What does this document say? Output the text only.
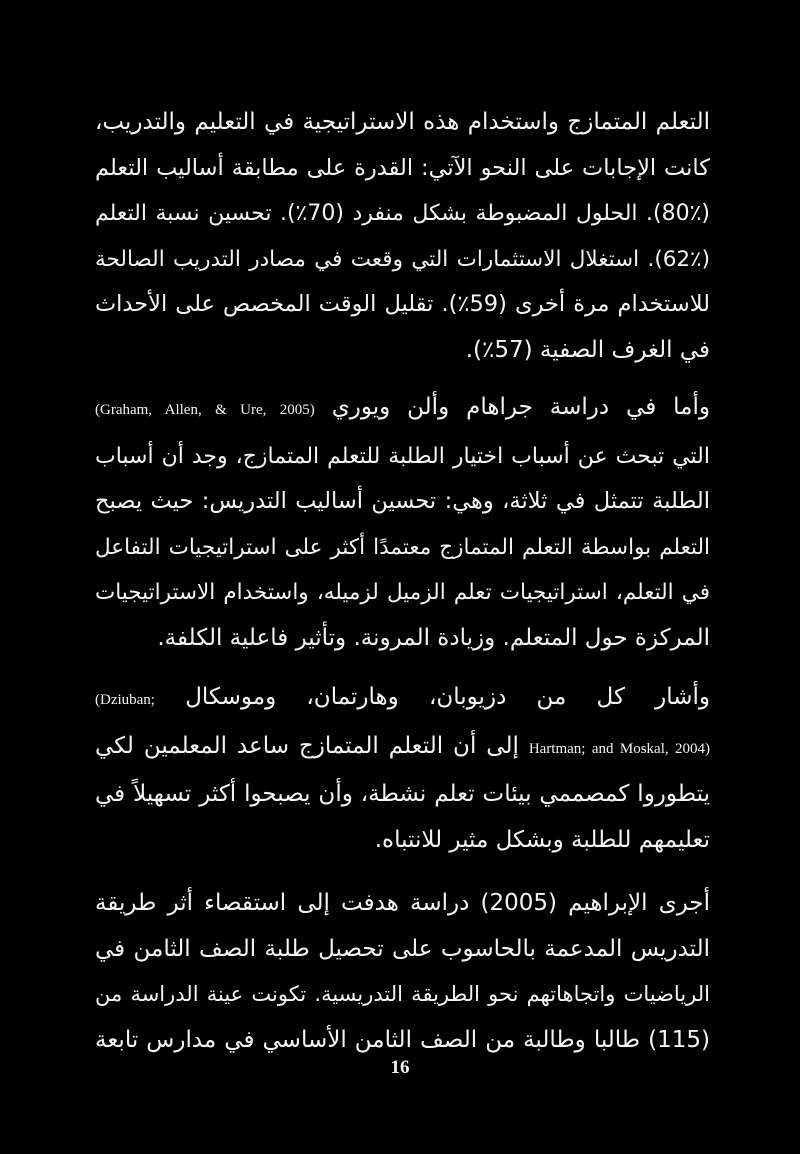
التعلم المتمازج واستخدام هذه الاستراتيجية في التعليم والتدريب،
كانت الإجابات على النحو الآتي: القدرة على مطابقة أساليب التعلم
(80٪). الحلول المضبوطة بشكل منفرد (70٪). تحسين نسبة التعلم
(62٪). استغلال الاستثمارات التي وقعت في مصادر التدريب الصالحة
للاستخدام مرة أخرى (59٪). تقليل الوقت المخصص على الأحداث
في الغرف الصفية (57٪).
وأما في دراسة جراهام وألن ويوري (Graham, Allen, & Ure, 2005)
التي تبحث عن أسباب اختيار الطلبة للتعلم المتمازج، وجد أن أسباب
الطلبة تتمثل في ثلاثة، وهي: تحسين أساليب التدريس: حيث يصبح
التعلم بواسطة التعلم المتمازج معتمدًا أكثر على استراتيجيات التفاعل
في التعلم، استراتيجيات تعلم الزميل لزميله، واستخدام الاستراتيجيات
المركزة حول المتعلم. وزيادة المرونة. وتأثير فاعلية الكلفة.
وأشار كل من دزيوبان، وهارتمان، وموسكال (Dziuban;
Hartman; and Moskal, 2004) إلى أن التعلم المتمازج ساعد المعلمين لكي
يتطوروا كمصممي بيئات تعلم نشطة، وأن يصبحوا أكثر تسهيلاً في
تعليمهم للطلبة وبشكل مثير للانتباه.
أجرى الإبراهيم (2005) دراسة هدفت إلى استقصاء أثر طريقة
التدريس المدعمة بالحاسوب على تحصيل طلبة الصف الثامن في
الرياضيات واتجاهاتهم نحو الطريقة التدريسية. تكونت عينة الدراسة من
(115) طالبا وطالبة من الصف الثامن الأساسي في مدارس تابعة
16
